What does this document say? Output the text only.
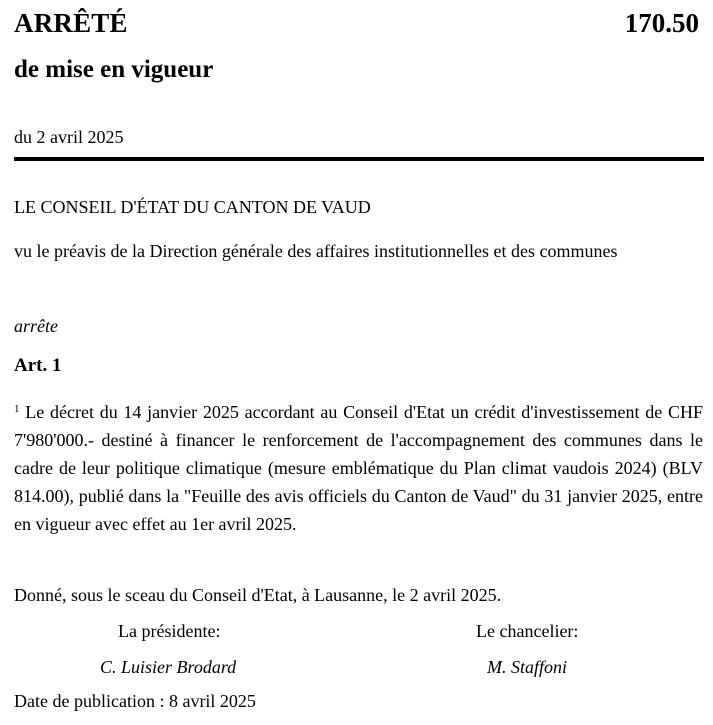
ARRÊTÉ	170.50
de mise en vigueur
du 2 avril 2025
LE CONSEIL D'ÉTAT DU CANTON DE VAUD
vu le préavis de la Direction générale des affaires institutionnelles et des communes
arrête
Art. 1
$^1$ Le décret du 14 janvier 2025 accordant au Conseil d'Etat un crédit d'investissement de CHF 7'980'000.- destiné à financer le renforcement de l'accompagnement des communes dans le cadre de leur politique climatique (mesure emblématique du Plan climat vaudois 2024) (BLV 814.00), publié dans la "Feuille des avis officiels du Canton de Vaud" du 31 janvier 2025, entre en vigueur avec effet au 1er avril 2025.
Donné, sous le sceau du Conseil d'Etat, à Lausanne, le 2 avril 2025.
La présidente:	Le chancelier:
C. Luisier Brodard	M. Staffoni
Date de publication : 8 avril 2025
